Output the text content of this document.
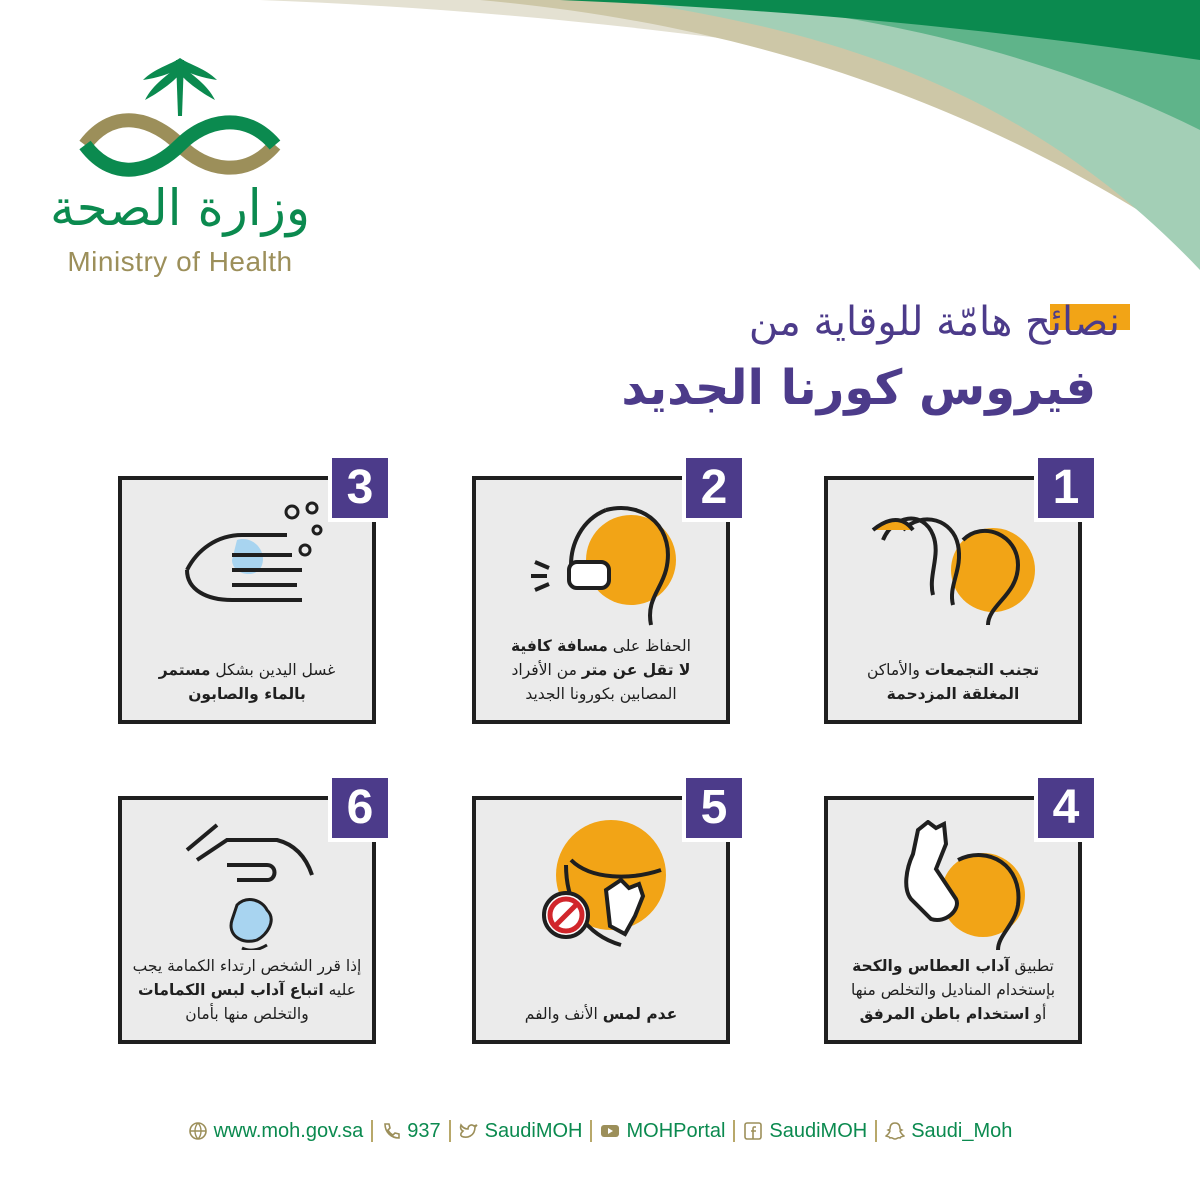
وزارة الصحة
Ministry of Health
نصائح هامّة للوقاية من
فيروس كورنا الجديد
تجنب التجمعات والأماكن
المغلقة المزدحمة
1
الحفاظ على مسافة كافية
لا تقل عن متر من الأفراد
المصابين بكورونا الجديد
2
غسل اليدين بشكل مستمر
بالماء والصابون
3
تطبيق آداب العطاس والكحة
بإستخدام المناديل والتخلص منها
أو استخدام باطن المرفق
4
عدم لمس الأنف والفم
5
إذا قرر الشخص ارتداء الكمامة يجب
عليه اتباع آداب لبس الكمامات
والتخلص منها بأمان
6
www.moh.gov.sa 937 SaudiMOH MOHPortal SaudiMOH Saudi_Moh
